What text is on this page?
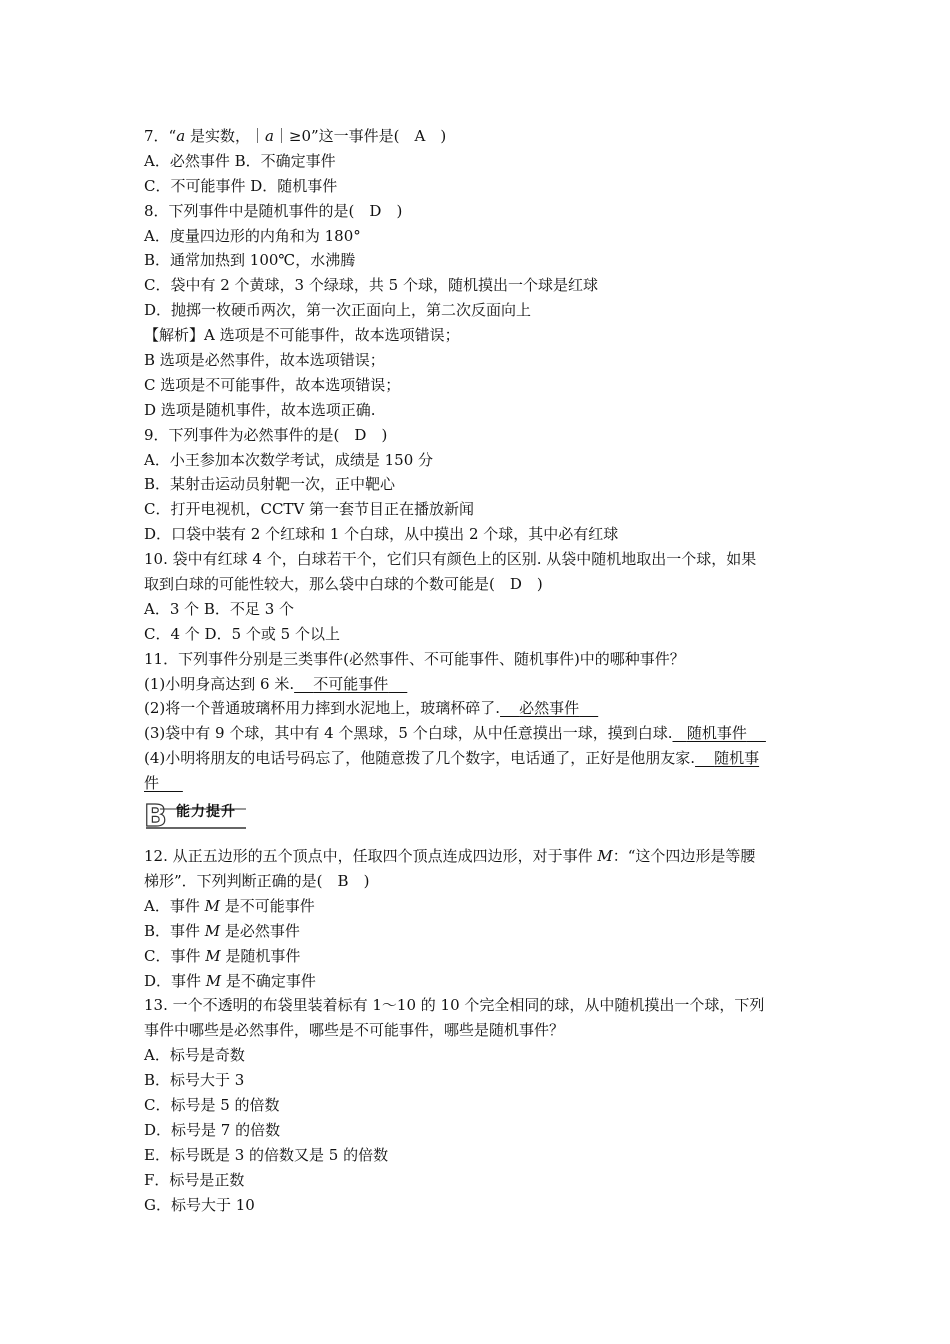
7．“a 是实数，｜a｜≥0”这一事件是(　A　)
A．必然事件 B．不确定事件
C．不可能事件 D．随机事件
8．下列事件中是随机事件的是(　D　)
A．度量四边形的内角和为 180°
B．通常加热到 100℃，水沸腾
C．袋中有 2 个黄球，3 个绿球，共 5 个球，随机摸出一个球是红球
D．抛掷一枚硬币两次，第一次正面向上，第二次反面向上
【解析】A 选项是不可能事件，故本选项错误；
B 选项是必然事件，故本选项错误；
C 选项是不可能事件，故本选项错误；
D 选项是随机事件，故本选项正确.
9．下列事件为必然事件的是(　D　)
A．小王参加本次数学考试，成绩是 150 分
B．某射击运动员射靶一次，正中靶心
C．打开电视机，CCTV 第一套节目正在播放新闻
D．口袋中装有 2 个红球和 1 个白球，从中摸出 2 个球，其中必有红球
10. 袋中有红球 4 个，白球若干个，它们只有颜色上的区别. 从袋中随机地取出一个球，如果
取到白球的可能性较大，那么袋中白球的个数可能是(　D　)
A．3 个 B．不足 3 个
C．4 个 D．5 个或 5 个以上
11．下列事件分别是三类事件(必然事件、不可能事件、随机事件)中的哪种事件？
(1)小明身高达到 6 米. 不可能事件
(2)将一个普通玻璃杯用力摔到水泥地上，玻璃杯碎了. 必然事件
(3)袋中有 9 个球，其中有 4 个黑球，5 个白球，从中任意摸出一球，摸到白球. 随机事件
(4)小明将朋友的电话号码忘了，他随意拨了几个数字，电话通了，正好是他朋友家. 随机事
件
B 能力提升
12. 从正五边形的五个顶点中，任取四个顶点连成四边形，对于事件 M：“这个四边形是等腰
梯形”．下列判断正确的是(　B　)
A．事件 M 是不可能事件
B．事件 M 是必然事件
C．事件 M 是随机事件
D．事件 M 是不确定事件
13. 一个不透明的布袋里装着标有 1～10 的 10 个完全相同的球，从中随机摸出一个球，下列
事件中哪些是必然事件，哪些是不可能事件，哪些是随机事件？
A．标号是奇数
B．标号大于 3
C．标号是 5 的倍数
D．标号是 7 的倍数
E．标号既是 3 的倍数又是 5 的倍数
F．标号是正数
G．标号大于 10
